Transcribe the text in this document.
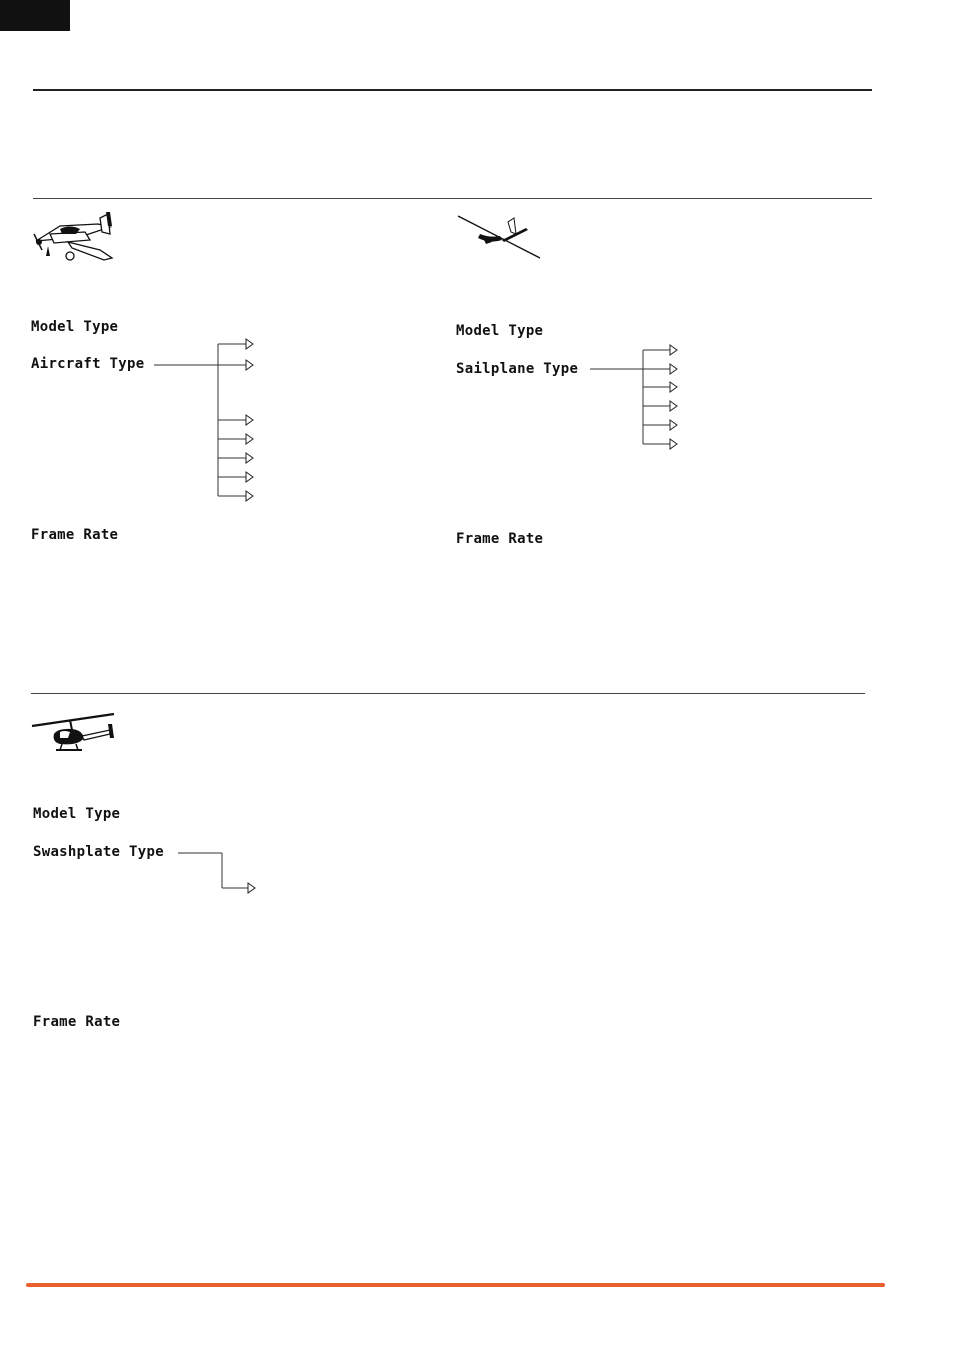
Model Type
Aircraft Type
Frame Rate
Model Type
Sailplane Type
Frame Rate
Model Type
Swashplate Type
Frame Rate
